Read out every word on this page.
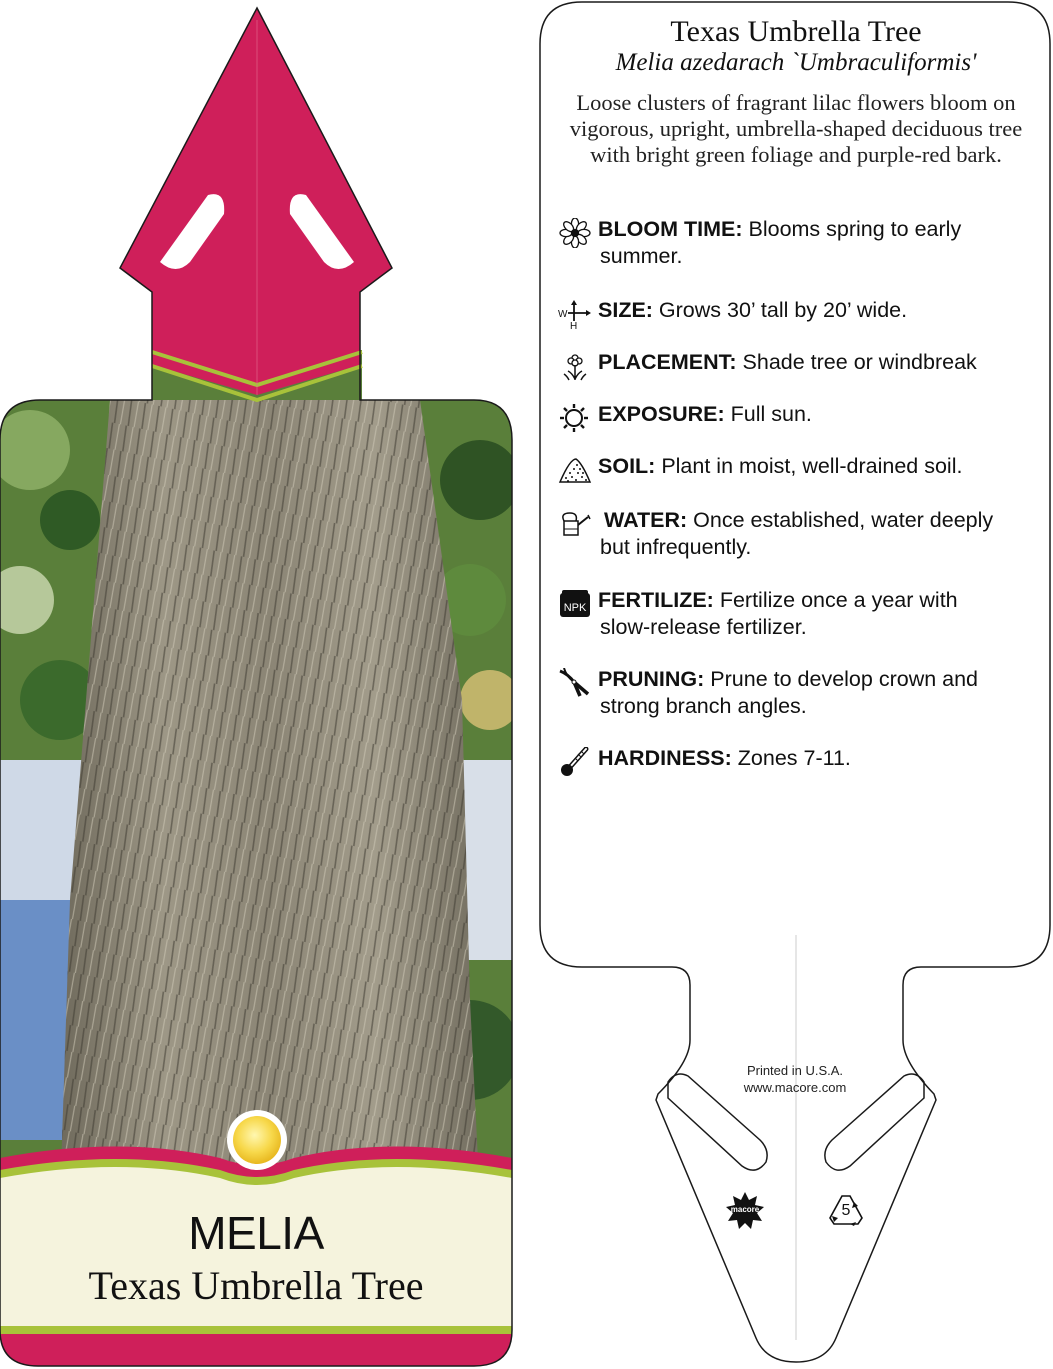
MELIA
Texas Umbrella Tree
Texas Umbrella Tree
Melia azedarach `Umbraculiformis'
Loose clusters of fragrant lilac flowers bloom on vigorous, upright, umbrella-shaped deciduous tree with bright green foliage and purple-red bark.
BLOOM TIME: Blooms spring to early
summer.
W
H
SIZE: Grows 30’ tall by 20’ wide.
PLACEMENT: Shade tree or windbreak
EXPOSURE: Full sun.
SOIL: Plant in moist, well-drained soil.
WATER: Once established, water deeply
but infrequently.
NPK FERTILIZE: Fertilize once a year with
slow-release fertilizer.
PRUNING: Prune to develop crown and
strong branch angles.
HARDINESS: Zones 7-11.
Printed in U.S.A.
www.macore.com
macore	5
